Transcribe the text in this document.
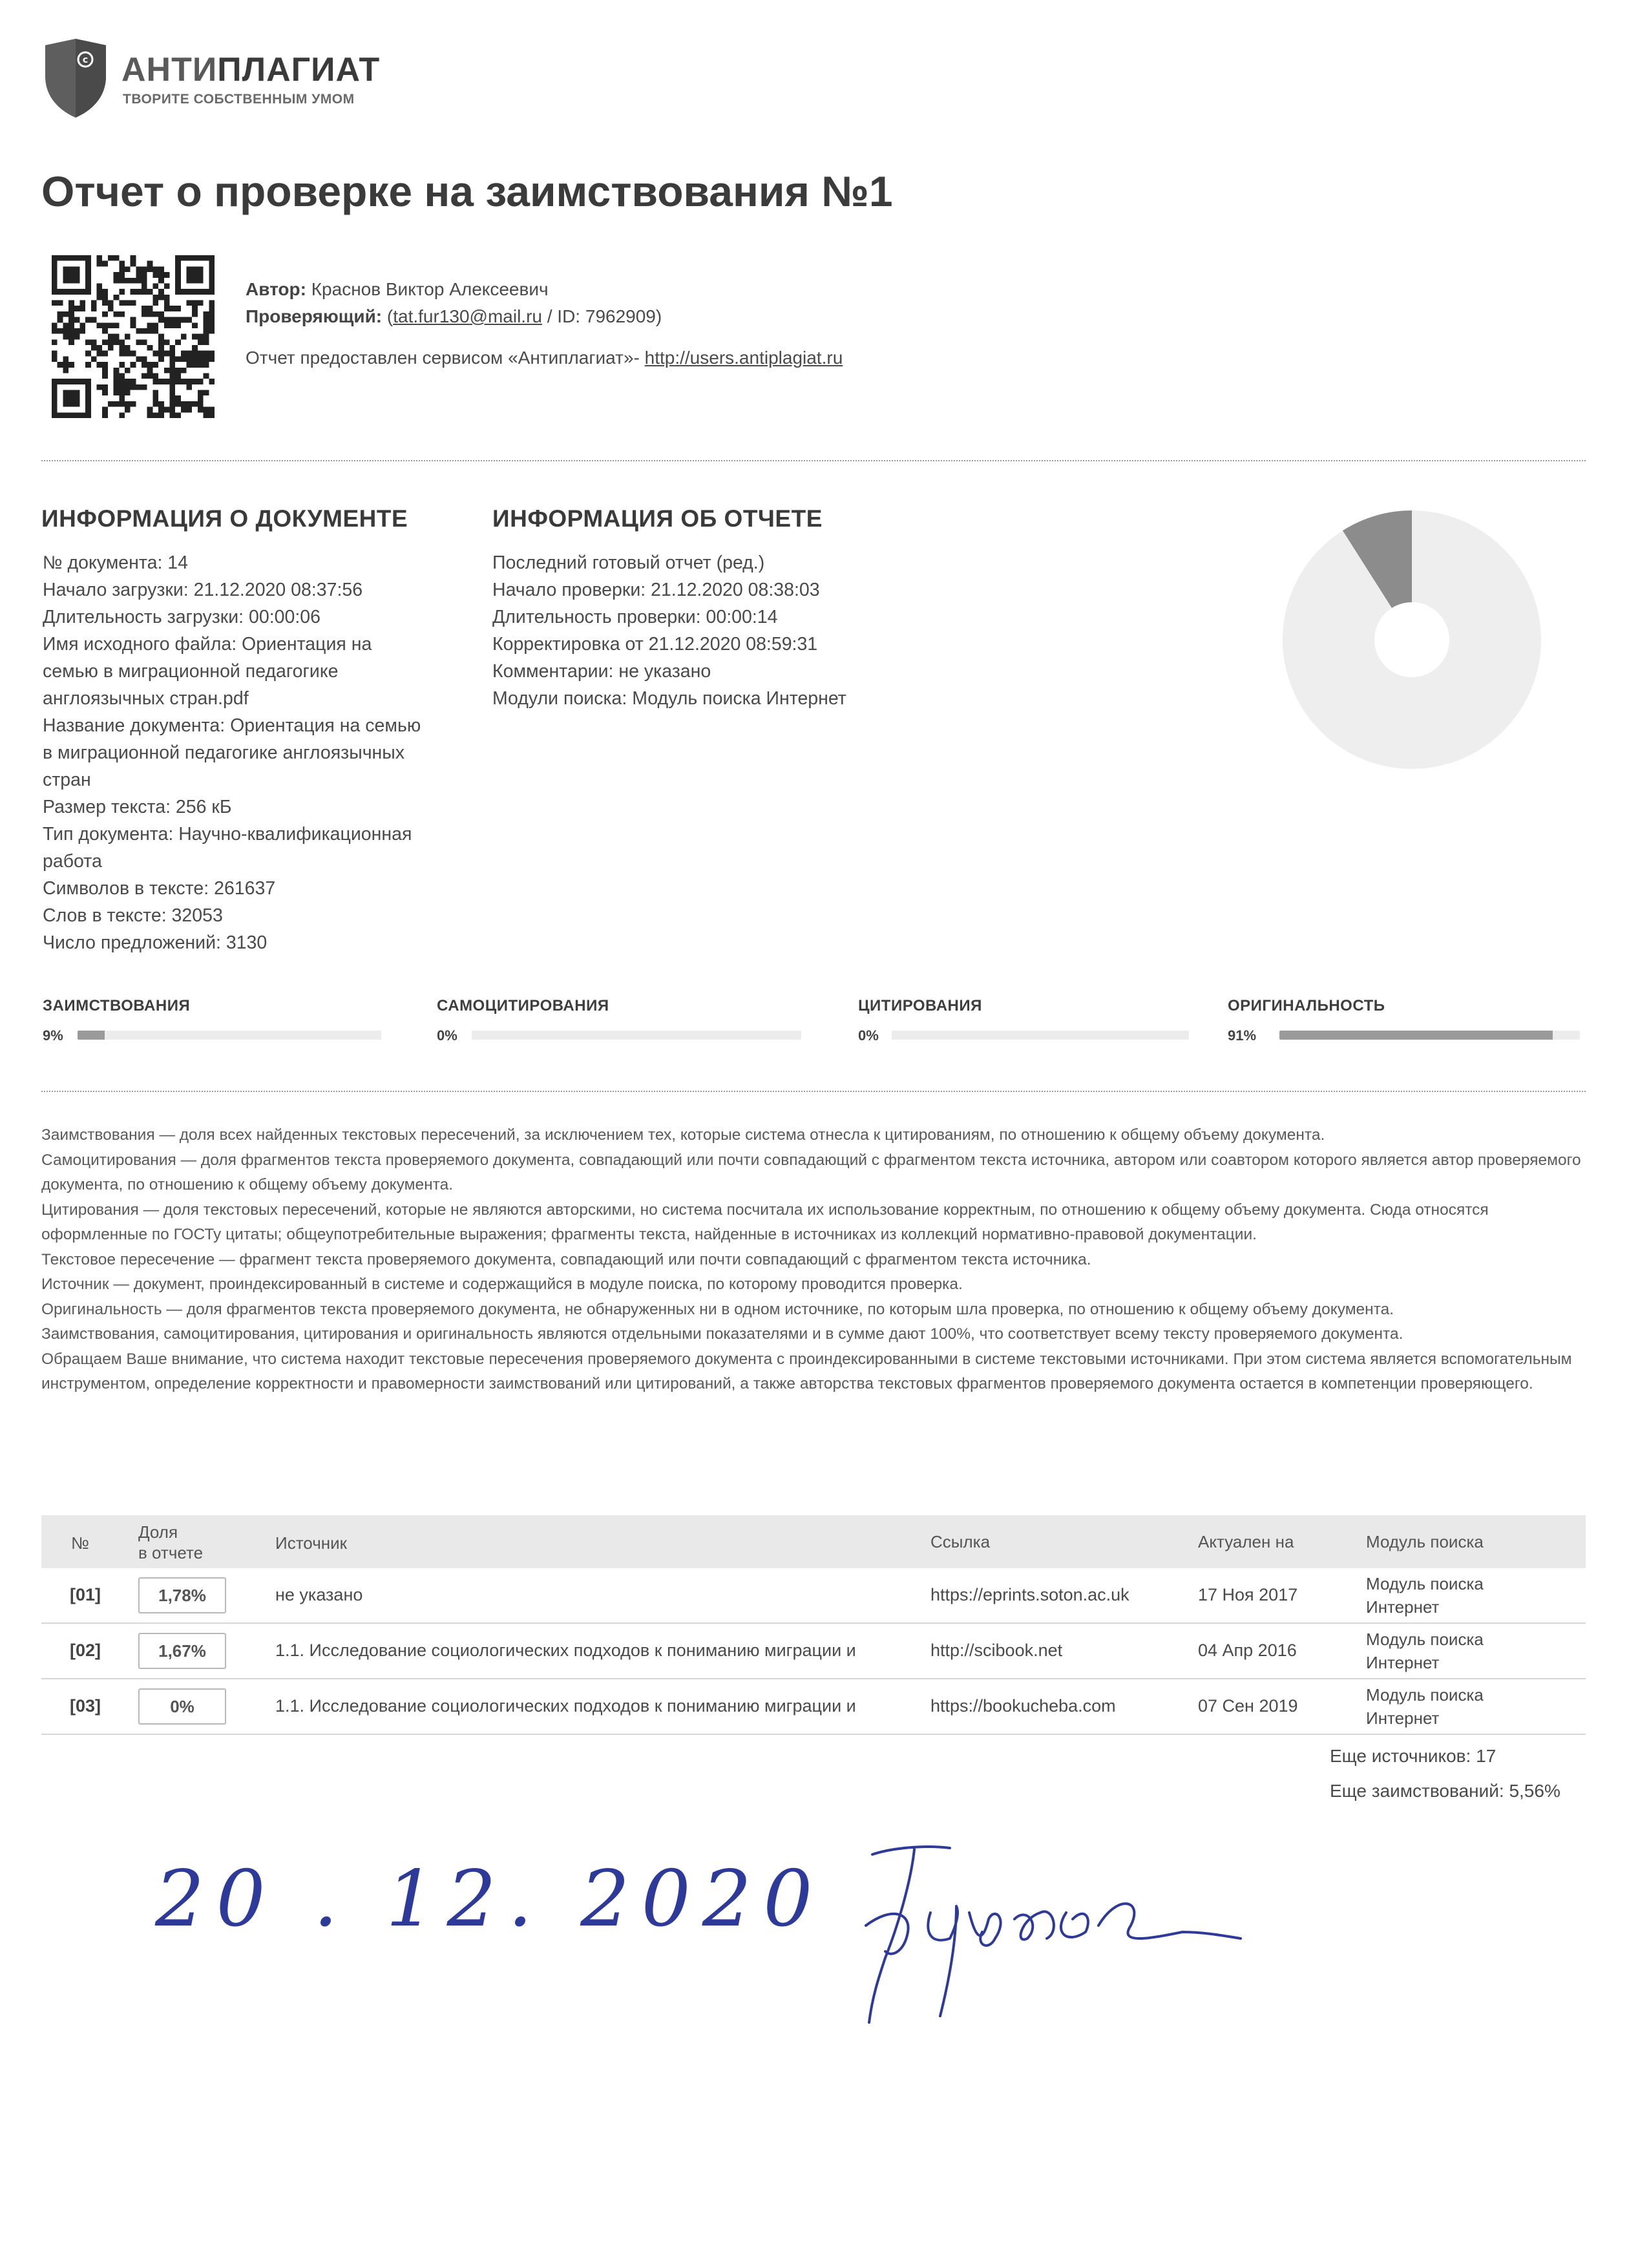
c АНТИПЛАГИАТ
ТВОРИТЕ СОБСТВЕННЫМ УМОМ
Отчет о проверке на заимствования №1
Автор: Краснов Виктор Алексеевич
Проверяющий: (tat.fur130@mail.ru / ID: 7962909)
Отчет предоставлен сервисом «Антиплагиат»- http://users.antiplagiat.ru
ИНФОРМАЦИЯ О ДОКУМЕНТЕ
№ документа: 14
Начало загрузки: 21.12.2020 08:37:56
Длительность загрузки: 00:00:06
Имя исходного файла: Ориентация на
семью в миграционной педагогике
англоязычных стран.pdf
Название документа: Ориентация на семью
в миграционной педагогике англоязычных
стран
Размер текста: 256 кБ
Тип документа: Научно-квалификационная
работа
Символов в тексте: 261637
Слов в тексте: 32053
Число предложений: 3130
ИНФОРМАЦИЯ ОБ ОТЧЕТЕ
Последний готовый отчет (ред.)
Начало проверки: 21.12.2020 08:38:03
Длительность проверки: 00:00:14
Корректировка от 21.12.2020 08:59:31
Комментарии: не указано
Модули поиска: Модуль поиска Интернет
ЗАИМСТВОВАНИЯ
9%
САМОЦИТИРОВАНИЯ
0%
ЦИТИРОВАНИЯ
0%
ОРИГИНАЛЬНОСТЬ
91%

Заимствования — доля всех найденных текстовых пересечений, за исключением тех, которые система отнесла к цитированиям, по отношению к общему объему документа.

Самоцитирования — доля фрагментов текста проверяемого документа, совпадающий или почти совпадающий с фрагментом текста источника, автором или соавтором которого является автор проверяемого документа, по отношению к общему объему документа.

Цитирования — доля текстовых пересечений, которые не являются авторскими, но система посчитала их использование корректным, по отношению к общему объему документа. Сюда относятся оформленные по ГОСТу цитаты; общеупотребительные выражения; фрагменты текста, найденные в источниках из коллекций нормативно-правовой документации.

Текстовое пересечение — фрагмент текста проверяемого документа, совпадающий или почти совпадающий с фрагментом текста источника.

Источник — документ, проиндексированный в системе и содержащийся в модуле поиска, по которому проводится проверка.

Оригинальность — доля фрагментов текста проверяемого документа, не обнаруженных ни в одном источнике, по которым шла проверка, по отношению к общему объему документа.

Заимствования, самоцитирования, цитирования и оригинальность являются отдельными показателями и в сумме дают 100%, что соответствует всему тексту проверяемого документа.

Обращаем Ваше внимание, что система находит текстовые пересечения проверяемого документа с проиндексированными в системе текстовыми источниками. При этом система является вспомогательным инструментом, определение корректности и правомерности заимствований или цитирований, а также авторства текстовых фрагментов проверяемого документа остается в компетенции проверяющего.

№
Доля
в отчете	Источник	Ссылка	Актуален на	Модуль поиска
[01]	1,78%	не указано	https://eprints.soton.ac.uk	17 Ноя 2017
Модуль поиска
Интернет
[02]	1,67%	1.1. Исследование социологических подходов к пониманию миграции и	http://scibook.net	04 Апр 2016
Модуль поиска
Интернет
[03]	0%	1.1. Исследование социологических подходов к пониманию миграции и	https://bookucheba.com	07 Сен 2019
Модуль поиска
Интернет
Еще источников: 17
Еще заимствований: 5,56%
20 . 12. 2020
